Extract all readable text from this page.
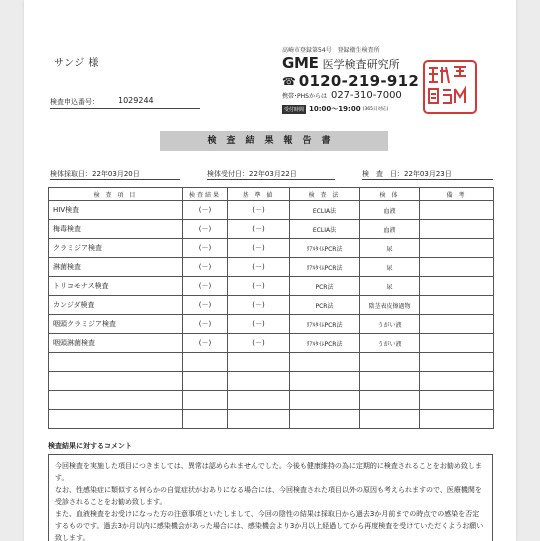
サンジ 様
検査申込番号： 1029244
高崎市登録第54号　登録衛生検査所
GME 医学検査研究所
☎ 0120-219-912
携帯･PHSからは 027-310-7000
受付時間 10:00～19:00 (365日対応)
検査結果報告書
検体採取日：22年03月20日	検体受付日：22年03月22日	検　査　日：22年03月23日
検 査 項 目	検査結果	基 準 値	検 査 法	検 体	備 考
HIV検査	(－)	(－)	ECLIA法	血液	
梅毒検査	(－)	(－)	ECLIA法	血液	
クラミジア検査	(－)	(－)	ﾘｱﾙﾀｲﾑPCR法	尿	
淋菌検査	(－)	(－)	ﾘｱﾙﾀｲﾑPCR法	尿	
トリコモナス検査	(－)	(－)	PCR法	尿	
カンジダ検査	(－)	(－)	PCR法	陰茎表皮擦過物	
咽頭クラミジア検査	(－)	(－)	ﾘｱﾙﾀｲﾑPCR法	うがい液	
咽頭淋菌検査	(－)	(－)	ﾘｱﾙﾀｲﾑPCR法	うがい液	

検査結果に対するコメント

今回検査を実施した項目につきましては、異常は認められませんでした。今後も健康維持の為に定期的に検査されることをお勧め致します。

なお、性感染症に類似する何らかの自覚症状がおありになる場合には、今回検査された項目以外の原因も考えられますので、医療機関を受診されることをお勧め致します。

また、血液検査をお受けになった方の注意事項といたしまして、今回の陰性の結果は採取日から過去3か月前までの時点での感染を否定するものです。過去3か月以内に感染機会があった場合には、感染機会より3か月以上経過してから再度検査を受けていただくようお願い致します。
